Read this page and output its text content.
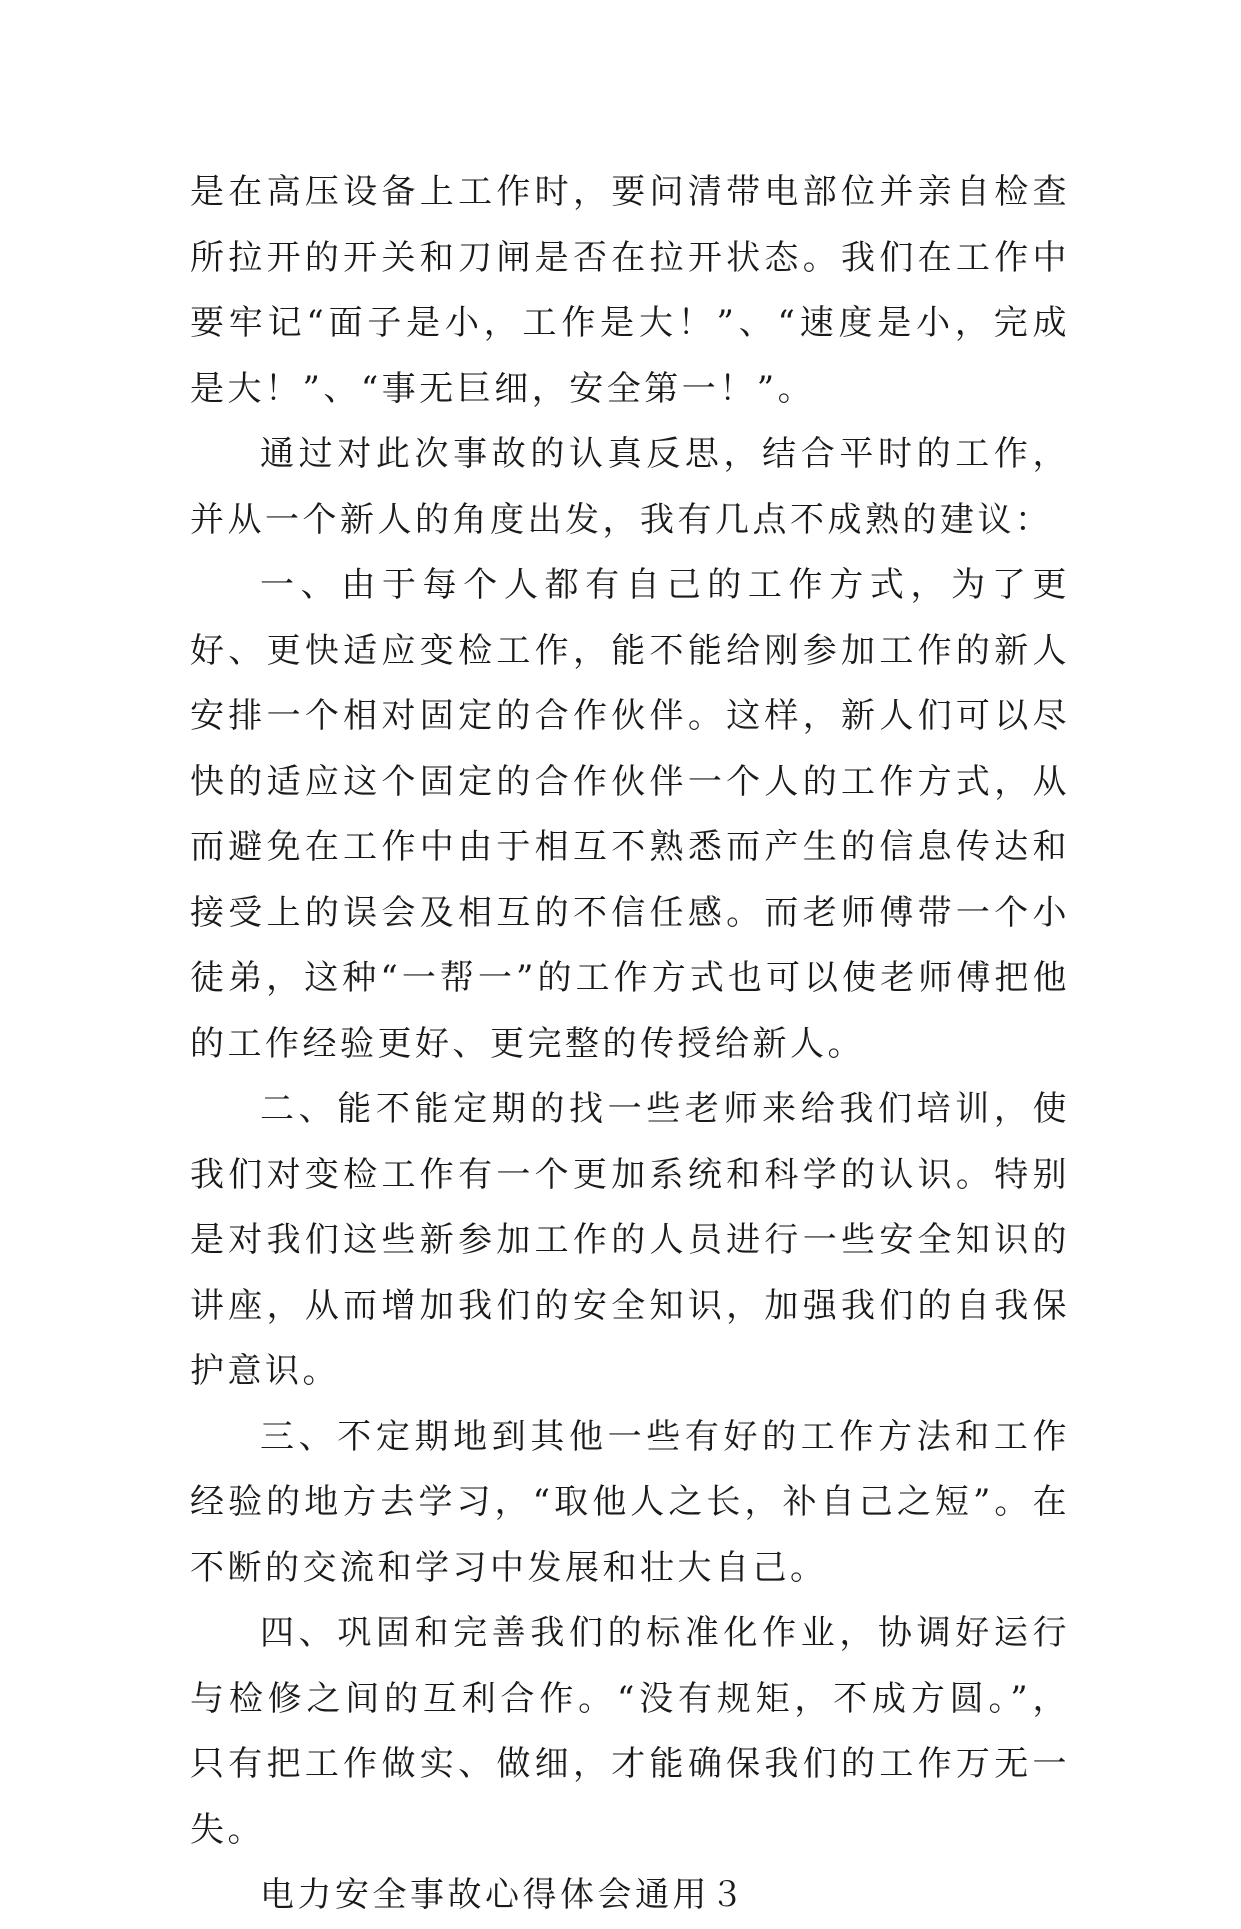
是在高压设备上工作时，要问清带电部位并亲自检查所拉开的开关和刀闸是否在拉开状态。我们在工作中要牢记“面子是小，工作是大！”、“速度是小，完成是大！”、“事无巨细，安全第一！”。

通过对此次事故的认真反思，结合平时的工作，并从一个新人的角度出发，我有几点不成熟的建议：

一、由于每个人都有自己的工作方式，为了更好、更快适应变检工作，能不能给刚参加工作的新人安排一个相对固定的合作伙伴。这样，新人们可以尽快的适应这个固定的合作伙伴一个人的工作方式，从而避免在工作中由于相互不熟悉而产生的信息传达和接受上的误会及相互的不信任感。而老师傅带一个小徒弟，这种“一帮一”的工作方式也可以使老师傅把他的工作经验更好、更完整的传授给新人。

二、能不能定期的找一些老师来给我们培训，使我们对变检工作有一个更加系统和科学的认识。特别是对我们这些新参加工作的人员进行一些安全知识的讲座，从而增加我们的安全知识，加强我们的自我保护意识。

三、不定期地到其他一些有好的工作方法和工作经验的地方去学习，“取他人之长，补自己之短”。在不断的交流和学习中发展和壮大自己。

四、巩固和完善我们的标准化作业，协调好运行与检修之间的互利合作。“没有规矩，不成方圆。”，只有把工作做实、做细，才能确保我们的工作万无一失。

电力安全事故心得体会通用３
